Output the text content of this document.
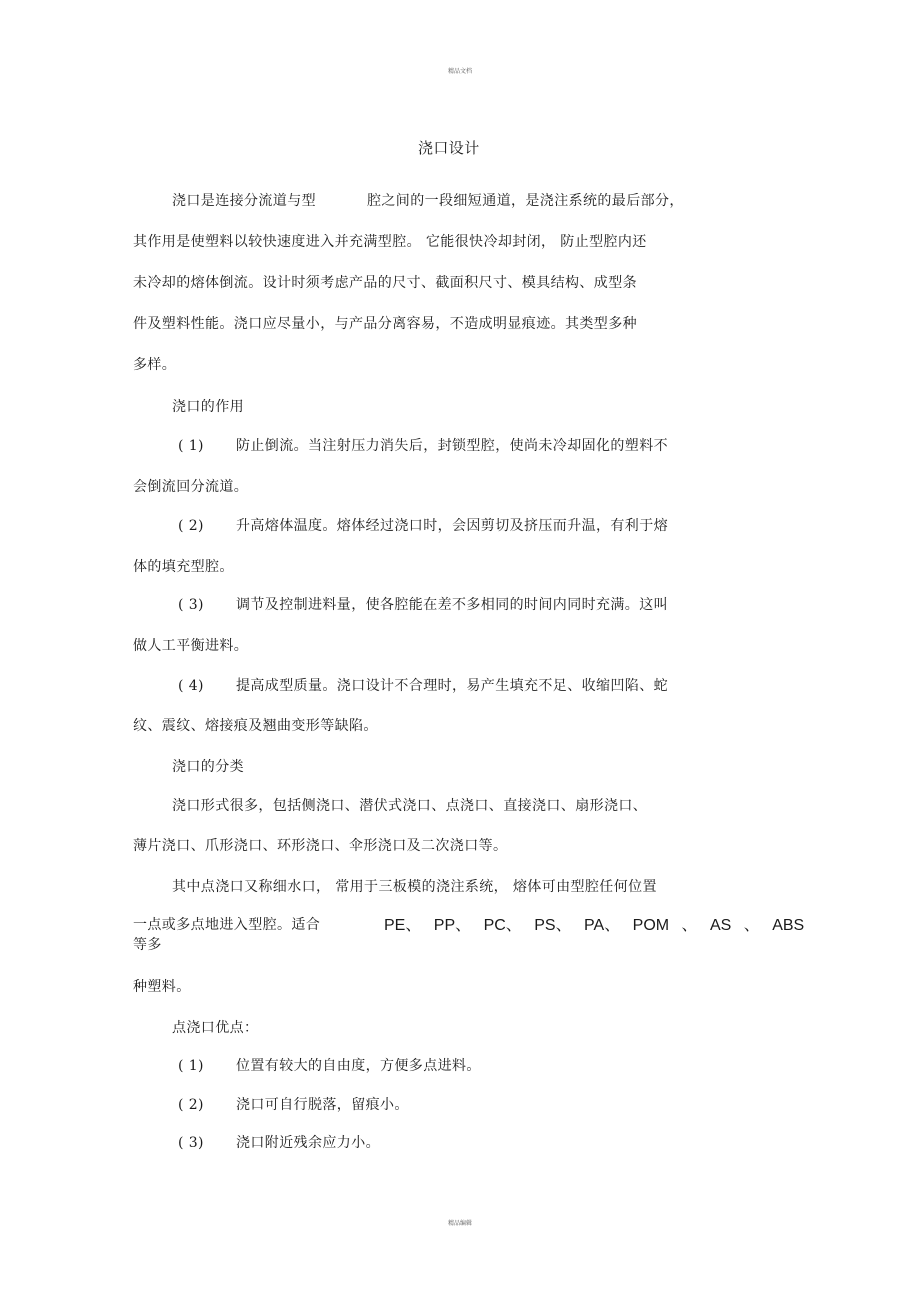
精品文档
浇口设计
浇口是连接分流道与型	腔之间的一段细短通道，是浇注系统的最后部分，
其作用是使塑料以较快速度进入并充满型腔。 它能很快冷却封闭， 防止型腔内还
未冷却的熔体倒流。设计时须考虑产品的尺寸、截面积尺寸、模具结构、成型条
件及塑料性能。浇口应尽量小，与产品分离容易，不造成明显痕迹。其类型多种
多样。
浇口的作用
( 1) 防止倒流。当注射压力消失后，封锁型腔，使尚未冷却固化的塑料不
会倒流回分流道。
( 2) 升高熔体温度。熔体经过浇口时，会因剪切及挤压而升温，有利于熔
体的填充型腔。
( 3) 调节及控制进料量，使各腔能在差不多相同的时间内同时充满。这叫
做人工平衡进料。
( 4) 提高成型质量。浇口设计不合理时，易产生填充不足、收缩凹陷、蛇
纹、震纹、熔接痕及翘曲变形等缺陷。
浇口的分类
浇口形式很多，包括侧浇口、潜伏式浇口、点浇口、直接浇口、扇形浇口、
薄片浇口、爪形浇口、环形浇口、伞形浇口及二次浇口等。
其中点浇口又称细水口， 常用于三板模的浇注系统， 熔体可由型腔任何位置
一点或多点地进入型腔。适合	PE、 PP、 PC、 PS、 PA、 POM 、 AS 、 ABS
等多
种塑料。
点浇口优点：
( 1) 位置有较大的自由度，方便多点进料。
( 2) 浇口可自行脱落，留痕小。
( 3) 浇口附近残余应力小。
精品编辑
